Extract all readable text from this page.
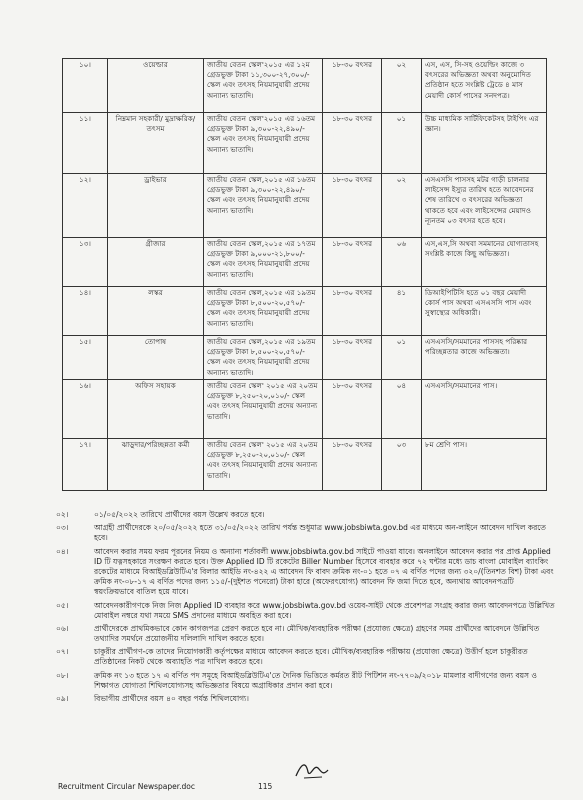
১০।	ওয়েল্ডার	জাতীয় বেতন স্কেল'২০১৫ এর ১২ম গ্রেডভুক্ত টাকা ১১,৩০০-২৭,৩০০/- স্কেল এবং তৎসহ নিয়মানুযায়ী প্রদেয় অন্যান্য ভাতাদি।	১৮-৩০ বৎসর	০২	এস, এস, সি-সহ ওয়েল্ডিং কাজে ৩ বৎসরের অভিজ্ঞতা অথবা অনুমোদিত প্রতিষ্ঠান হতে সংশ্লিষ্ট ট্রেডে ৪ মাস মেয়াদী কোর্স পাসের সনদপত্র।
১১।	নিম্নমান সহকারী/ মুদ্রাক্ষরিক/তৎসম	জাতীয় বেতন স্কেল'২০১৫ এর ১৬তম গ্রেডভুক্ত টাকা ৯,৩০০-২২,৪৯০/- স্কেল এবং তৎসহ নিয়মানুযায়ী প্রদেয় অন্যান্য ভাতাদি।	১৮-৩০ বৎসর	০১	উচ্চ মাধ্যমিক সার্টিফিকেটসহ টাইপিং এর জ্ঞান।
১২।	ড্রাইভার	জাতীয় বেতন স্কেল,২০১৫ এর ১৬তম গ্রেডভুক্ত টাকা ৯,৩০০-২২,৪৯০/- স্কেল এবং তৎসহ নিয়মানুযায়ী প্রদেয় অন্যান্য ভাতাদি।	১৮-৩০ বৎসর	০২	এসএসসি পাসসহ মটর গাড়ী চালনার লাইসেন্স ইস্যুর তারিখ হতে আবেদনের শেষ তারিখে ৩ বৎসরের অভিজ্ঞতা থাকতে হবে এবং লাইসেন্সের মেয়াদও ন্যূনতম ০৩ বৎসর হতে হবে।
১৩।	গ্রীজার	জাতীয় বেতন স্কেল,২০১৫ এর ১৭তম গ্রেডভুক্ত টাকা ৯,০০০-২১,৮০০/- স্কেল এবং তৎসহ নিয়মানুযায়ী প্রদেয় অন্যান্য ভাতাদি।	১৮-৩০ বৎসর	০৬	এস,এস,সি অথবা সমমানের যোগ্যতাসহ সংশ্লিষ্ট কাজে কিছু অভিজ্ঞতা।
১৪।	লস্কর	জাতীয় বেতন স্কেল,২০১৫ এর ১৯তম গ্রেডভুক্ত টাকা ৮,৫০০-২০,৫৭০/- স্কেল এবং তৎসহ নিয়মানুযায়ী প্রদেয় অন্যান্য ভাতাদি।	১৮-৩০ বৎসর	৪১	ডিআইপিটিসি হতে ০১ বছর মেয়াদী কোর্স পাস অথবা এসএসসি পাস এবং সুস্বাস্থ্যের অধিকারী।
১৫।	তোপাষ	জাতীয় বেতন স্কেল,২০১৫ এর ১৯তম গ্রেডভুক্ত টাকা ৮,৫০০-২০,৫৭০/- স্কেল এবং তৎসহ নিয়মানুযায়ী প্রদেয় অন্যান্য ভাতাদি।	১৮-৩০ বৎসর	০১	এসএসসি/সমমানের পাসসহ পরিষ্কার পরিচ্ছন্নতার কাজে অভিজ্ঞতা।
১৬।	অফিস সহায়ক	জাতীয় বেতন স্কেল' ২০১৫ এর ২০তম গ্রেডভুক্ত ৮,২৫০-২০,০১০/- স্কেল এবং তৎসহ নিয়মানুযায়ী প্রদেয় অন্যান্য ভাতাদি।	১৮-৩০ বৎসর	০৪	এসএসসি/সমমানের পাস।
১৭।	ঝাড়ুদার/পরিচ্ছন্নতা কর্মী	জাতীয় বেতন স্কেল' ২০১৫ এর ২০তম গ্রেডভুক্ত ৮,২৫০-২০,০১০/- স্কেল এবং তৎসহ নিয়মানুযায়ী প্রদেয় অন্যান্য ভাতাদি।	১৮-৩০ বৎসর	০৩	৮ম শ্রেণি পাস।
০২।	০১/০৫/২০২২ তারিখে প্রার্থীদের বয়স উল্লেখ করতে হবে।
০৩।	আগ্রহী প্রার্থীদেরকে ২০/০৫/২০২২ হতে ৩১/০৫/২০২২ তারিখ পর্যন্ত শুধুমাত্র www.jobsbiwta.gov.bd এর মাধ্যমে অন-লাইনে আবেদন দাখিল করতে হবে।
০৪।	আবেদন করার সময় ফরম পূরনের নিয়ম ও অন্যান্য শর্তাবলী www.jobsbiwta.gov.bd সাইটে পাওয়া যাবে। অনলাইনে আবেদন করার পর প্রাপ্ত Applied ID টি যত্নসহকারে সংরক্ষণ করতে হবে। উক্ত Applied ID টি রকেটের Biller Number হিসেবে ব্যবহার করে ৭২ ঘন্টার মধ্যে ডাচ বাংলা মোবাইল ব্যাংকিং রকেটের মাধ্যমে বিআইডব্লিউটিএ'র বিলার আইডি নং-৪২২ এ আবেদন ফি বাবদ ক্রমিক নং-০১ হতে ০৭ এ বর্ণিত পদের জন্য ৩২০/(তিনশত বিশ) টাকা এবং ক্রমিক নং-০৮-১৭ এ বর্ণিত পদের জন্য ১১৫/-(দুইশত পনেরো) টাকা হারে (অফেরৎযোগ্য) আবেদন ফি জমা দিতে হবে, অন্যথায় আবেদনপত্রটি স্বয়ংক্রিয়ভাবে বাতিল হয়ে যাবে।
০৫।	আবেদনকারীগণকে নিজ নিজ Applied ID ব্যবহার করে www.jobsbiwta.gov.bd ওয়েব-সাইট থেকে প্রবেশপত্র সংগ্রহ করার জন্য আবেদনপত্রে উল্লিখিত মোবাইল নম্বরে যথা সময়ে SMS প্রদানের মাধ্যমে অবহিত করা হবে।
০৬।	প্রার্থীদেরকে প্রাথমিকভাবে কোন কাগজপত্র প্রেরণ করতে হবে না। মৌখিক/ব্যবহারিক পরীক্ষা (প্রযোজ্য ক্ষেত্রে) গ্রহণের সময় প্রার্থীদের আবেদনে উল্লিখিত তথ্যাদির সমর্থনে প্রয়োজনীয় দলিলাদি দাখিল করতে হবে।
০৭।	চাকুরীর প্রার্থীগণ-কে তাদের নিয়োগকারী কর্তৃপক্ষের মাধ্যমে আবেদন করতে হবে। মৌখিক/ব্যবহারিক পরীক্ষায় (প্রযোজ্য ক্ষেত্রে) উত্তীর্ণ হলে চাকুরীরত প্রতিষ্ঠানের নিকট থেকে অব্যাহতি পত্র দাখিল করতে হবে।
০৮।	ক্রমিক নং ১৩ হতে ১৭ এ বর্ণিত পদ সমূহে বিআইডব্লিউটিএ'তে দৈনিক ভিত্তিতে কর্মরত রীট পিটিশন নং-৭৭০৯/২০১৮ মামলার বাদীগণের জন্য বয়স ও শিক্ষাগত যোগ্যতা শিথিলযোগ্যসহ অভিজ্ঞতার বিষয়ে অগ্রাধিকার প্রদান করা হবে।
০৯।	বিভাগীয় প্রার্থীদের বয়স ৪০ বছর পর্যন্ত শিথিলযোগ্য।
Recruitment Circular Newspaper.doc	115
